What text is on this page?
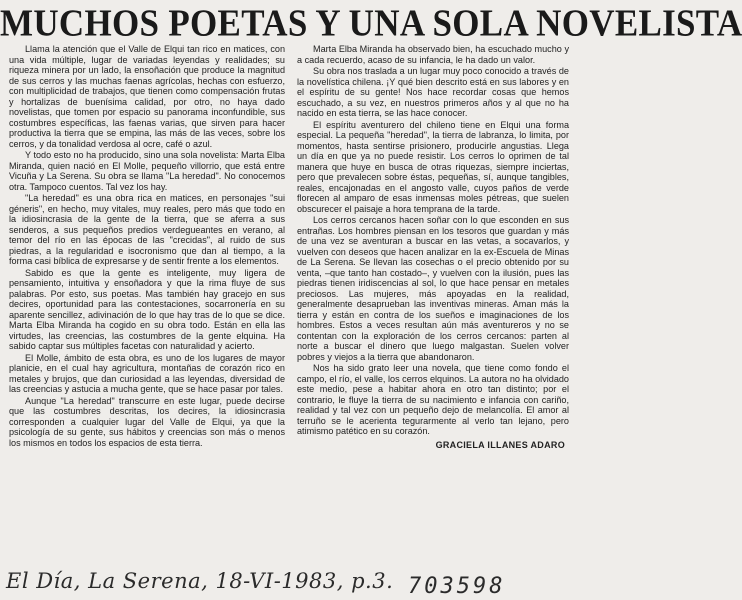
MUCHOS POETAS Y UNA SOLA NOVELISTA

Llama la atención que el Valle de Elqui tan rico en matices, con una vida múltiple, lugar de variadas leyendas y realidades; su riqueza minera por un lado, la ensoñación que produce la magnitud de sus cerros y las muchas faenas agrícolas, hechas con esfuerzo, con multiplicidad de trabajos, que tienen como compensación frutas y hortalizas de buenísima calidad, por otro, no haya dado novelistas, que tomen por espacio su panorama inconfundible, sus costumbres específicas, las faenas varias, que sirven para hacer productiva la tierra que se empina, las más de las veces, sobre los cerros, y da tonalidad verdosa al ocre, café o azul.

Y todo esto no ha producido, sino una sola novelista: Marta Elba Miranda, quien nació en El Molle, pequeño villorrio, que está entre Vicuña y La Serena. Su obra se llama "La heredad". No conocemos otra. Tampoco cuentos. Tal vez los hay.

"La heredad" es una obra rica en matices, en personajes "sui géneris", en hecho, muy vitales, muy reales, pero más que todo en la idiosincrasia de la gente de la tierra, que se aferra a sus senderos, a sus pequeños predios verdegueantes en verano, al temor del río en las épocas de las "crecidas", al ruido de sus piedras, a la regularidad e isocronismo que dan al tiempo, a la forma casi bíblica de expresarse y de sentir frente a los elementos.

Sabido es que la gente es inteligente, muy ligera de pensamiento, intuitiva y ensoñadora y que la rima fluye de sus palabras. Por esto, sus poetas. Mas también hay gracejo en sus decires, oportunidad para las contestaciones, socarronería en su aparente sencillez, adivinación de lo que hay tras de lo que se dice. Marta Elba Miranda ha cogido en su obra todo. Están en ella las virtudes, las creencias, las costumbres de la gente elquina. Ha sabido captar sus múltiples facetas con naturalidad y acierto.

El Molle, ámbito de esta obra, es uno de los lugares de mayor planicie, en el cual hay agricultura, montañas de corazón rico en metales y brujos, que dan curiosidad a las leyendas, diversidad de las creencias y astucia a mucha gente, que se hace pasar por tales.

Aunque "La heredad" transcurre en este lugar, puede decirse que las costumbres descritas, los decires, la idiosincrasia corresponden a cualquier lugar del Valle de Elqui, ya que la psicología de su gente, sus hábitos y creencias son más o menos los mismos en todos los espacios de esta tierra.

Marta Elba Miranda ha observado bien, ha escuchado mucho y a cada recuerdo, acaso de su infancia, le ha dado un valor.

Su obra nos traslada a un lugar muy poco conocido a través de la novelística chilena. ¡Y qué bien descrito está en sus labores y en el espíritu de su gente! Nos hace recordar cosas que hemos escuchado, a su vez, en nuestros primeros años y al que no ha nacido en esta tierra, se las hace conocer.

El espíritu aventurero del chileno tiene en Elqui una forma especial. La pequeña "heredad", la tierra de labranza, lo limita, por momentos, hasta sentirse prisionero, producirle angustias. Llega un día en que ya no puede resistir. Los cerros lo oprimen de tal manera que huye en busca de otras riquezas, siempre inciertas, pero que prevalecen sobre éstas, pequeñas, sí, aunque tangibles, reales, encajonadas en el angosto valle, cuyos paños de verde florecen al amparo de esas inmensas moles pétreas, que suelen obscurecer el paisaje a hora temprana de la tarde.

Los cerros cercanos hacen soñar con lo que esconden en sus entrañas. Los hombres piensan en los tesoros que guardan y más de una vez se aventuran a buscar en las vetas, a socavarlos, y vuelven con deseos que hacen analizar en la ex-Escuela de Minas de La Serena. Se llevan las cosechas o el precio obtenido por su venta, –que tanto han costado–, y vuelven con la ilusión, pues las piedras tienen iridiscencias al sol, lo que hace pensar en metales preciosos. Las mujeres, más apoyadas en la realidad, generalmente desaprueban las inventivas mineras. Aman más la tierra y están en contra de los sueños e imaginaciones de los hombres. Estos a veces resultan aún más aventureros y no se contentan con la exploración de los cerros cercanos: parten al norte a buscar el dinero que luego malgastan. Suelen volver pobres y viejos a la tierra que abandonaron.

Nos ha sido grato leer una novela, que tiene como fondo el campo, el río, el valle, los cerros elquinos. La autora no ha olvidado este medio, pese a habitar ahora en otro tan distinto; por el contrario, le fluye la tierra de su nacimiento e infancia con cariño, realidad y tal vez con un pequeño dejo de melancolía. El amor al terruño se le acerienta tegurarmente al verlo tan lejano, pero atimismo patético en su corazón.

GRACIELA ILLANES ADARO
El Día, La Serena, 18-VI-1983, p.3. 703598
